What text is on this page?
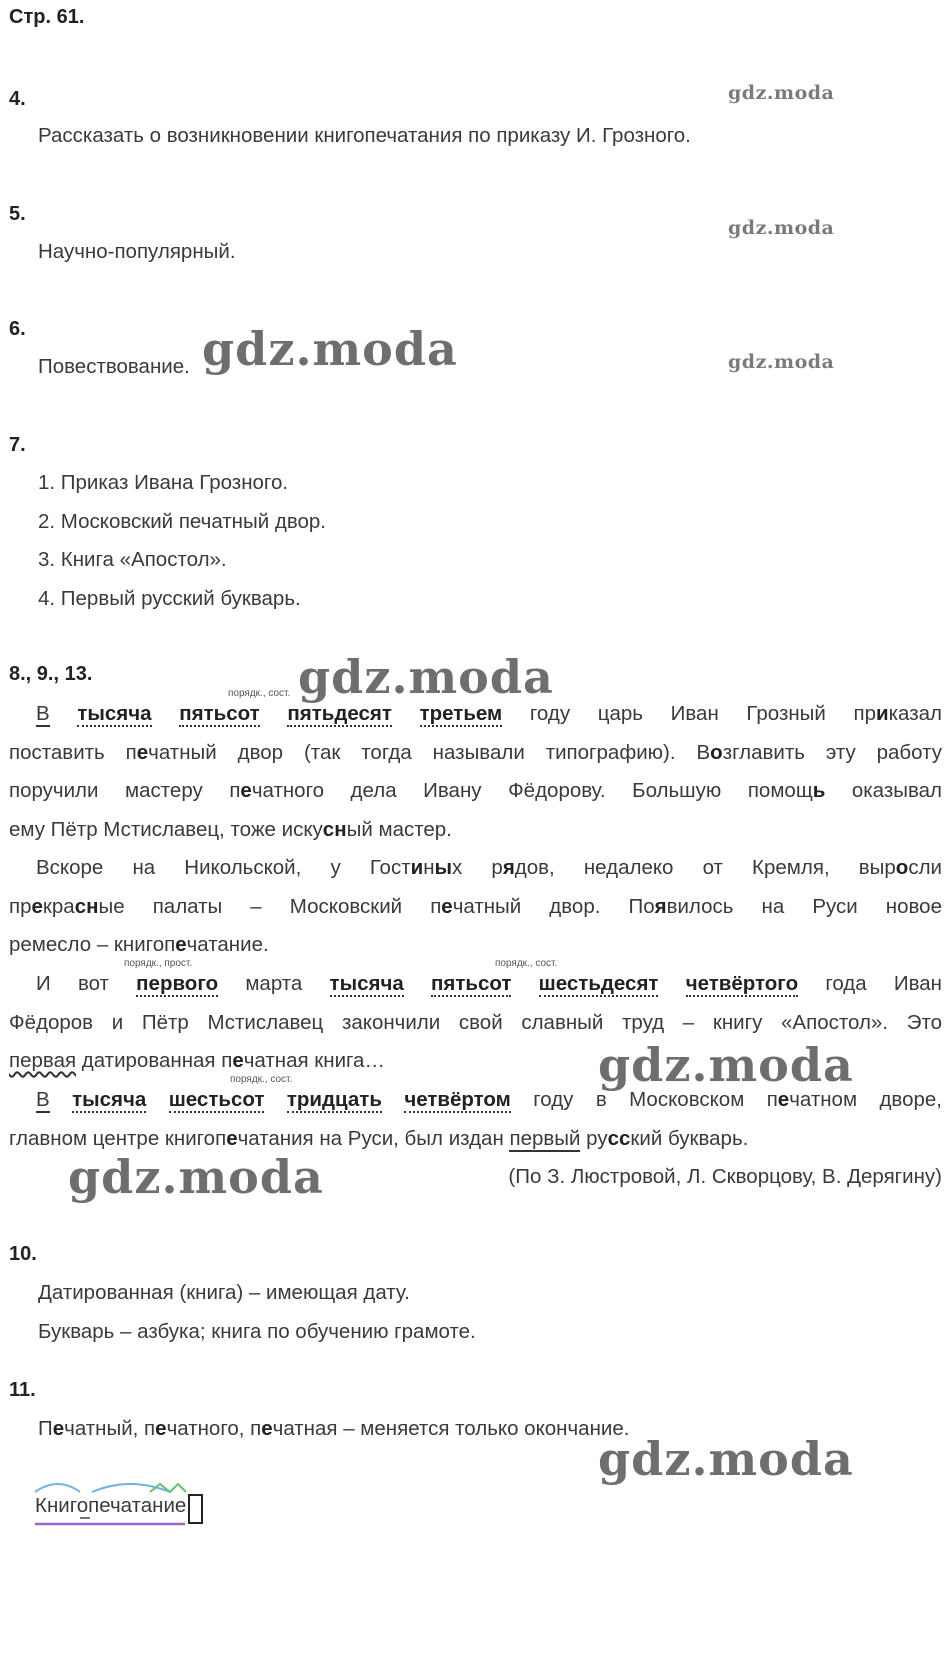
Стр. 61.
4.	gdz.moda
Рассказать о возникновении книгопечатания по приказу И. Грозного.
5.
gdz.moda
Научно-популярный.
6.
Повествование. gdz.moda	gdz.moda
7.
1. Приказ Ивана Грозного.
2. Московский печатный двор.
3. Книга «Апостол».
4. Первый русский букварь.
8., 9., 13.	gdz.moda
порядк., сост.
В тысяча пятьсот пятьдесят третьем году царь Иван Грозный приказал
поставить печатный двор (так тогда называли типографию). Возглавить эту работу
поручили мастеру печатного дела Ивану Фёдорову. Большую помощь оказывал
ему Пётр Мстиславец, тоже искусный мастер.
Вскоре на Никольской, у Гостиных рядов, недалеко от Кремля, выросли
прекрасные палаты – Московский печатный двор. Появилось на Руси новое
ремесло – книгопечатание.
порядк., прост.	порядк., сост.
И вот первого марта тысяча пятьсот шестьдесят четвёртого года Иван
Фёдоров и Пётр Мстиславец закончили свой славный труд – книгу «Апостол». Это
первая датированная печатная книга…	gdz.moda
порядк., сост.
В тысяча шестьсот тридцать четвёртом году в Московском печатном дворе,
главном центре книгопечатания на Руси, был издан первый русский букварь.
gdz.moda	(По З. Люстровой, Л. Скворцову, В. Дерягину)
10.
Датированная (книга) – имеющая дату.
Букварь – азбука; книга по обучению грамоте.
11.
Печатный, печатного, печатная – меняется только окончание.
gdz.moda
Книгопечатание
